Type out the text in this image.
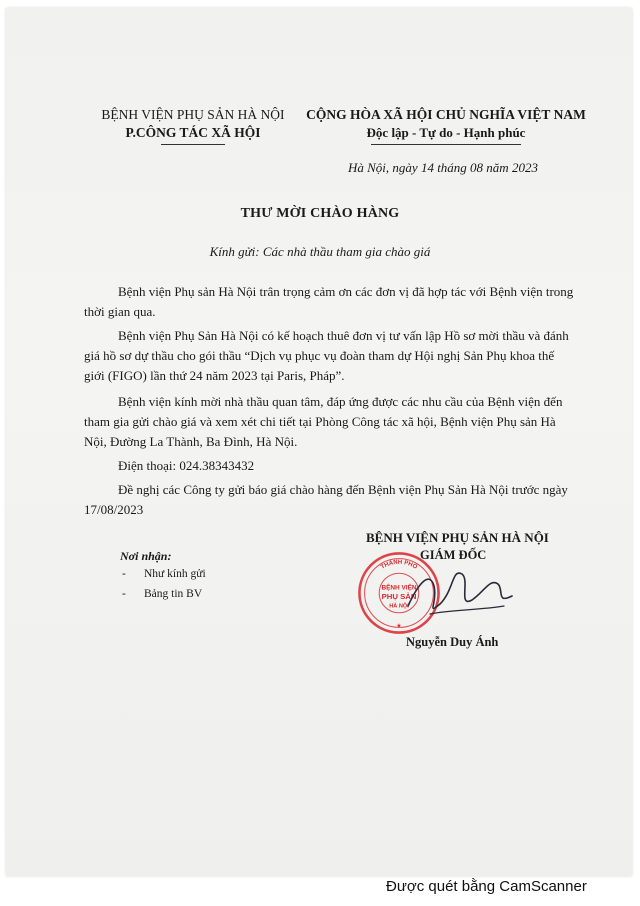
BỆNH VIỆN PHỤ SẢN HÀ NỘI
P.CÔNG TÁC XÃ HỘI
CỘNG HÒA XÃ HỘI CHỦ NGHĨA VIỆT NAM
Độc lập - Tự do - Hạnh phúc
Hà Nội, ngày 14 tháng 08 năm 2023
THƯ MỜI CHÀO HÀNG
Kính gửi: Các nhà thầu tham gia chào giá
Bệnh viện Phụ sản Hà Nội trân trọng cảm ơn các đơn vị đã hợp tác với Bệnh viện trong
thời gian qua.
Bệnh viện Phụ Sản Hà Nội có kế hoạch thuê đơn vị tư vấn lập Hồ sơ mời thầu và đánh
giá hồ sơ dự thầu cho gói thầu “Dịch vụ phục vụ đoàn tham dự Hội nghị Sản Phụ khoa thế
giới (FIGO) lần thứ 24 năm 2023 tại Paris, Pháp”.
Bệnh viện kính mời nhà thầu quan tâm, đáp ứng được các nhu cầu của Bệnh viện đến
tham gia gửi chào giá và xem xét chi tiết tại Phòng Công tác xã hội, Bệnh viện Phụ sản Hà
Nội, Đường La Thành, Ba Đình, Hà Nội.
Điện thoại: 024.38343432
Đề nghị các Công ty gửi báo giá chào hàng đến Bệnh viện Phụ Sản Hà Nội trước ngày
17/08/2023
Nơi nhận:
- Như kính gửi
- Bảng tin BV
THÀNH PHỐ
BỆNH VIỆN
PHỤ SẢN
HÀ NỘI
★
BỆNH VIỆN PHỤ SẢN HÀ NỘI
GIÁM ĐỐC
Nguyễn Duy Ánh
Được quét bằng CamScanner
